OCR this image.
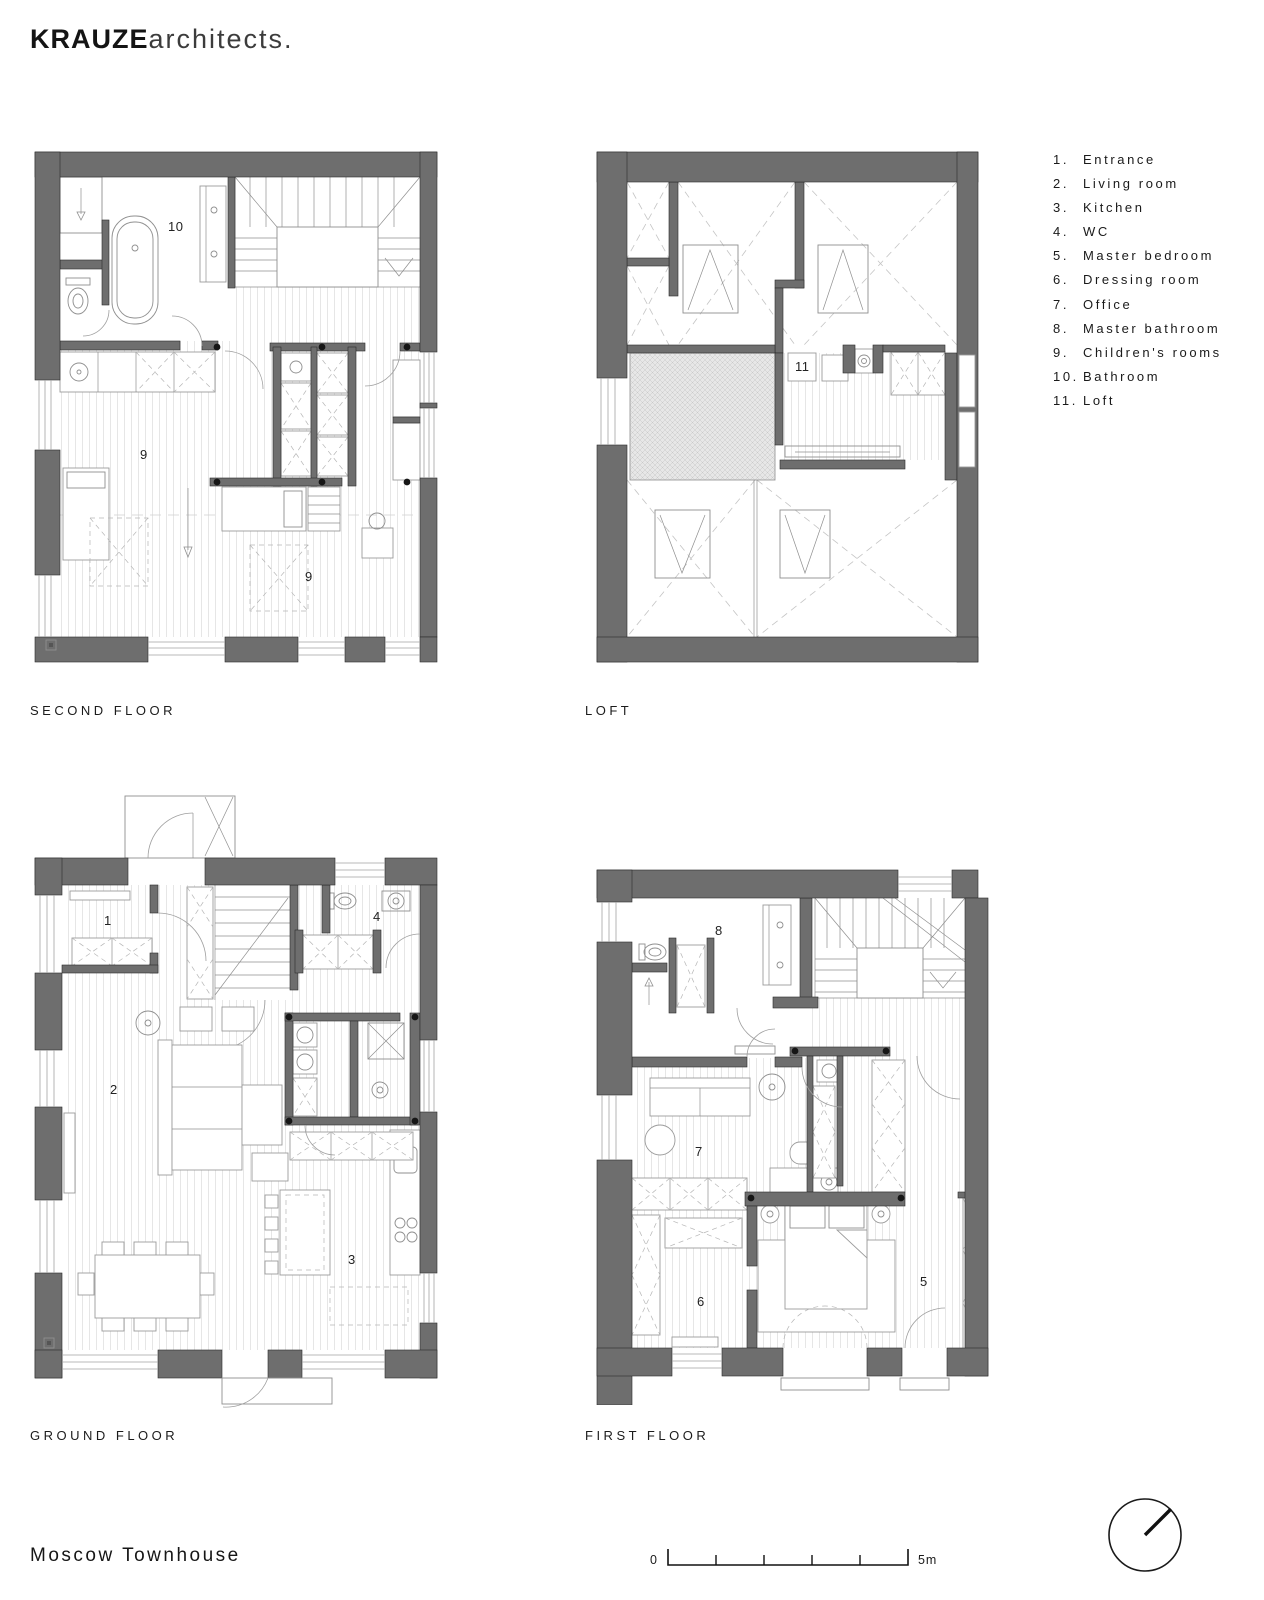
KRAUZEarchitects.
10
9
9
SECOND FLOOR
11
LOFT
1	4
2
3
GROUND FLOOR
8
7
6
5
FIRST FLOOR
1.	Entrance
2.	Living room
3.	Kitchen
4.	WC
5.	Master bedroom
6.	Dressing room
7.	Office
8.	Master bathroom
9.	Children's rooms
10. Bathroom
11. Loft
Moscow Townhouse	0	5m
